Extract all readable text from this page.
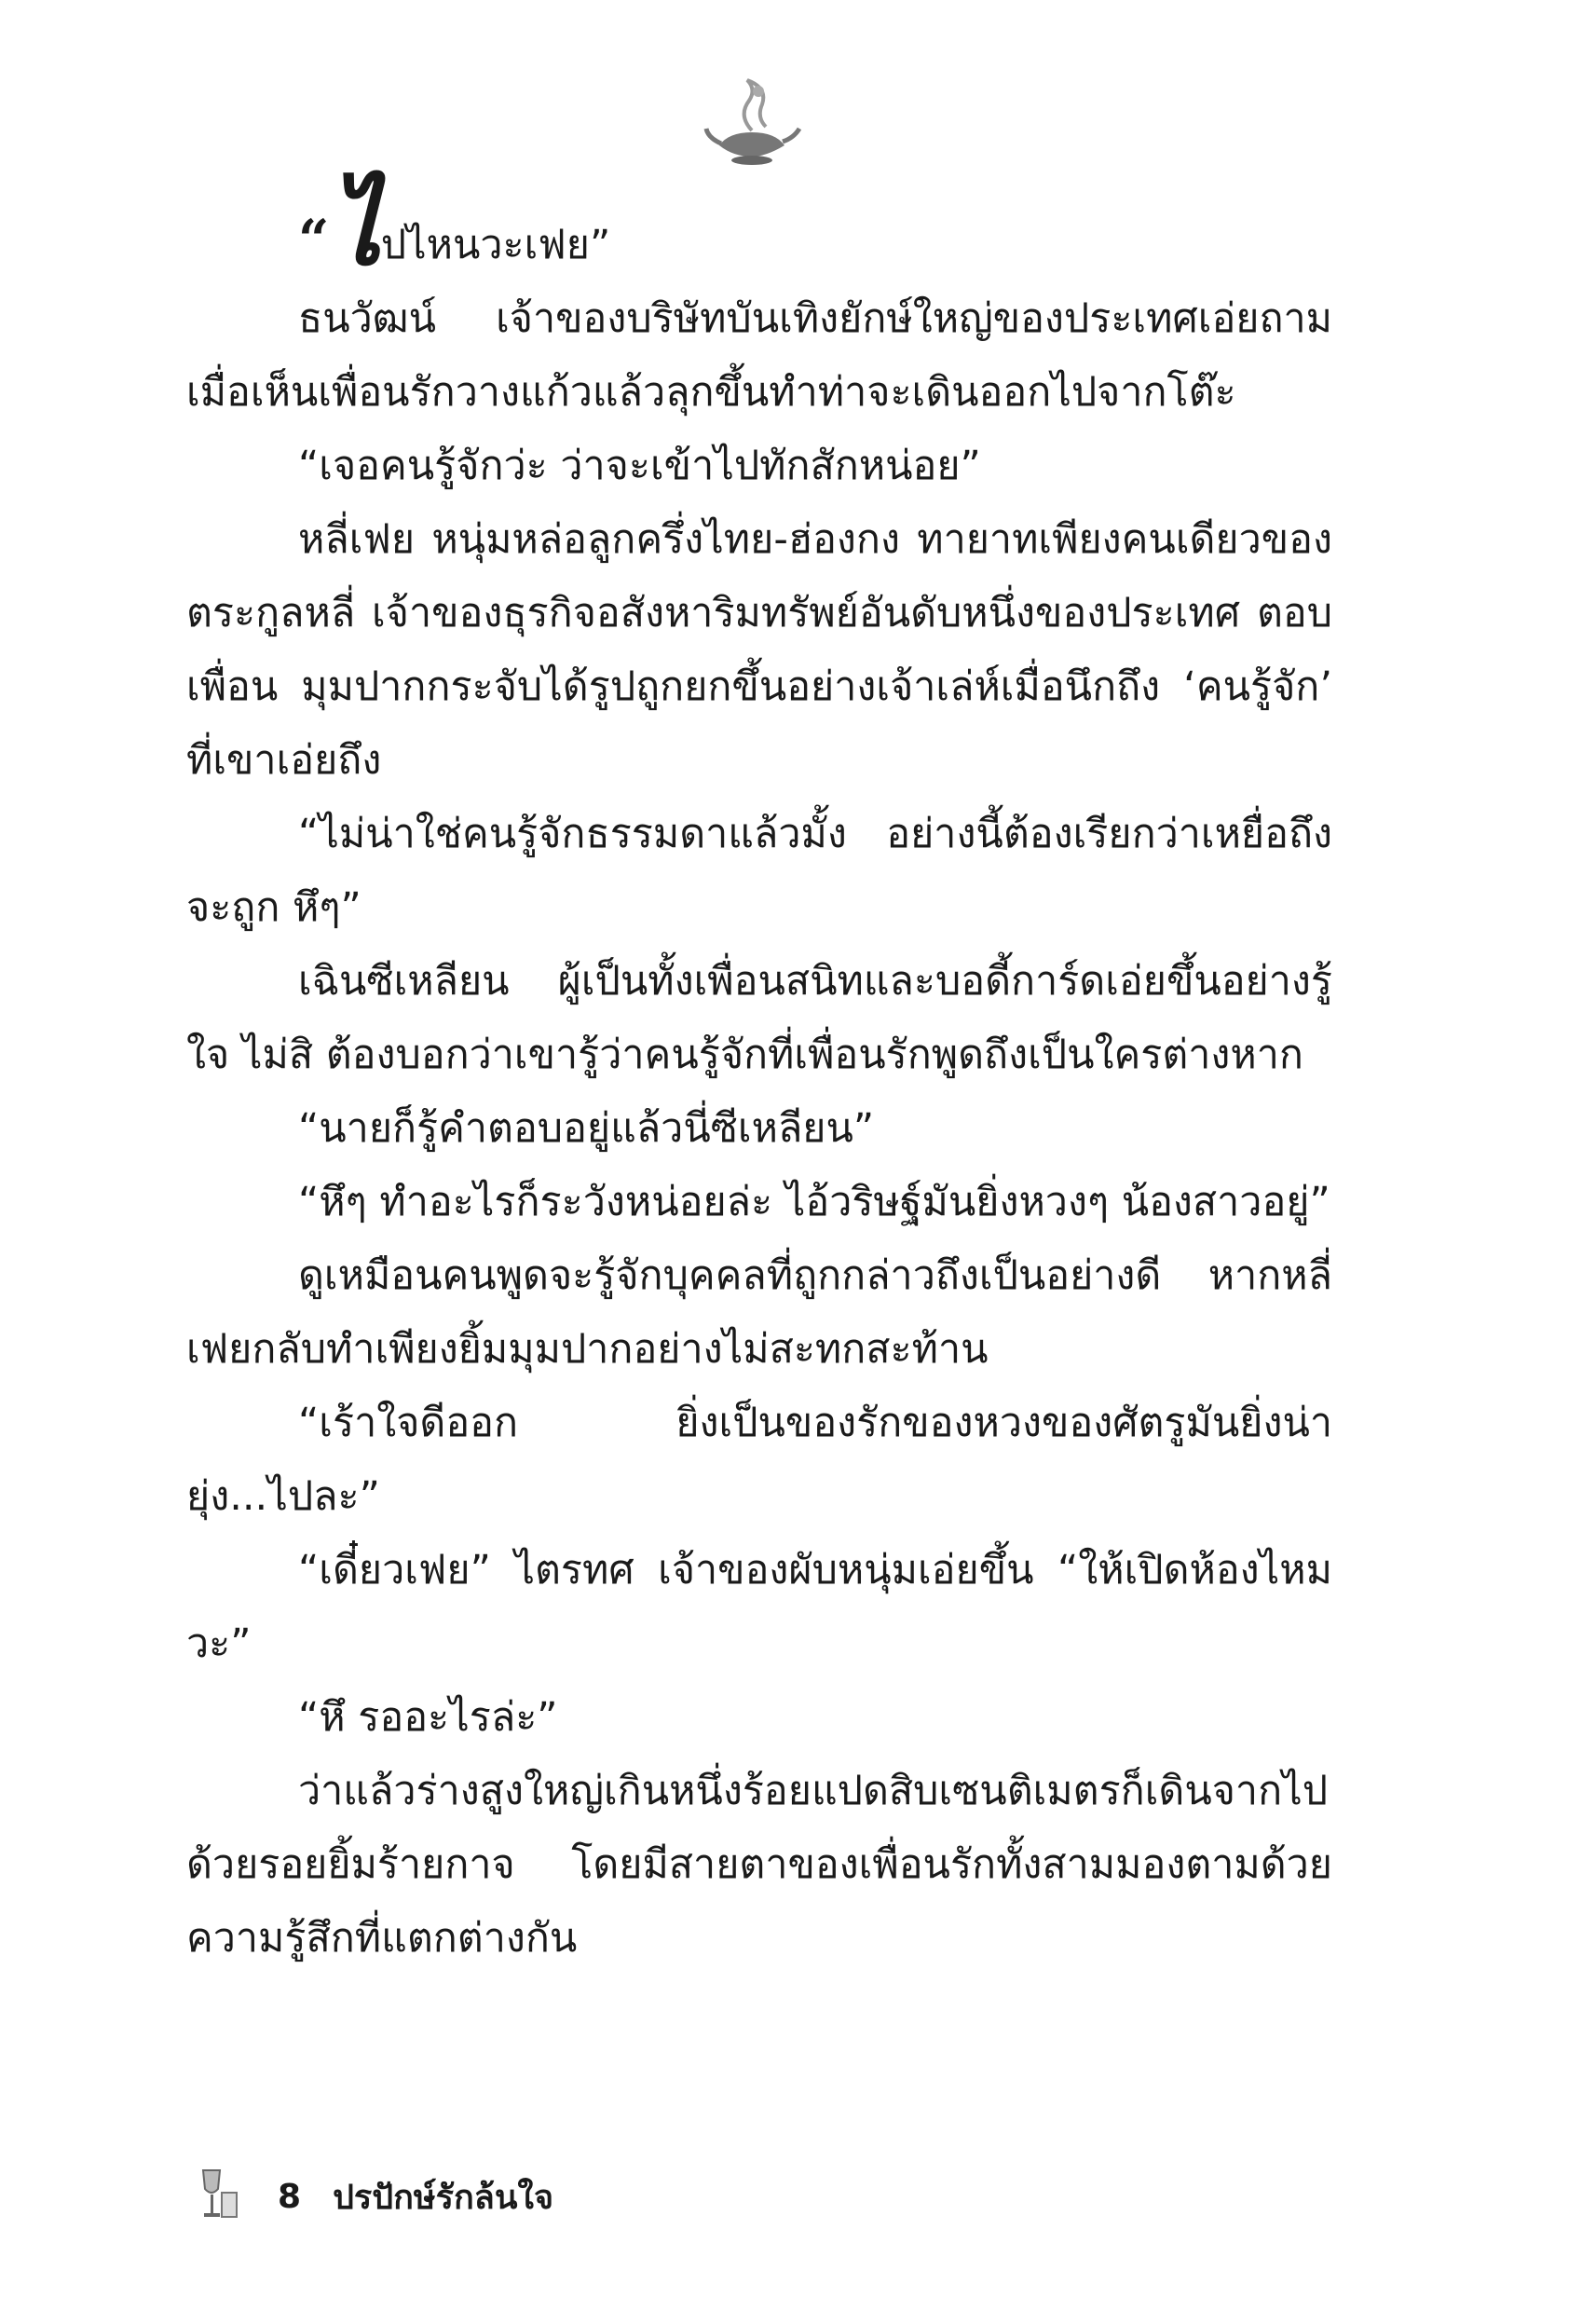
“ไปไหนวะเฟย”

ธนวัฒน์ เจ้าของบริษัทบันเทิงยักษ์ใหญ่ของประเทศเอ่ยถาม เมื่อเห็นเพื่อนรักวางแก้วแล้วลุกขึ้นทำท่าจะเดินออกไปจากโต๊ะ

“เจอคนรู้จักว่ะ ว่าจะเข้าไปทักสักหน่อย”

หลี่เฟย หนุ่มหล่อลูกครึ่งไทย-ฮ่องกง ทายาทเพียงคนเดียวของตระกูลหลี่ เจ้าของธุรกิจอสังหาริมทรัพย์อันดับหนึ่งของประเทศ ตอบเพื่อน มุมปากกระจับได้รูปถูกยกขึ้นอย่างเจ้าเล่ห์เมื่อนึกถึง ‘คนรู้จัก’ ที่เขาเอ่ยถึง

“ไม่น่าใช่คนรู้จักธรรมดาแล้วมั้ง อย่างนี้ต้องเรียกว่าเหยื่อถึงจะถูก หึๆ”

เฉินซีเหลียน ผู้เป็นทั้งเพื่อนสนิทและบอดี้การ์ดเอ่ยขึ้นอย่างรู้ใจ ไม่สิ ต้องบอกว่าเขารู้ว่าคนรู้จักที่เพื่อนรักพูดถึงเป็นใครต่างหาก

“นายก็รู้คำตอบอยู่แล้วนี่ซีเหลียน”

“หึๆ ทำอะไรก็ระวังหน่อยล่ะ ไอ้วริษฐ์มันยิ่งหวงๆ น้องสาวอยู่”

ดูเหมือนคนพูดจะรู้จักบุคคลที่ถูกกล่าวถึงเป็นอย่างดี หากหลี่เฟยกลับทำเพียงยิ้มมุมปากอย่างไม่สะทกสะท้าน

“เร้าใจดีออก ยิ่งเป็นของรักของหวงของศัตรูมันยิ่งน่ายุ่ง...ไปละ”

“เดี๋ยวเฟย” ไตรทศ เจ้าของผับหนุ่มเอ่ยขึ้น “ให้เปิดห้องไหมวะ”

“หึ รออะไรล่ะ”

ว่าแล้วร่างสูงใหญ่เกินหนึ่งร้อยแปดสิบเซนติเมตรก็เดินจากไปด้วยรอยยิ้มร้ายกาจ โดยมีสายตาของเพื่อนรักทั้งสามมองตามด้วยความรู้สึกที่แตกต่างกัน

8 ปรปักษ์รักล้นใจ
